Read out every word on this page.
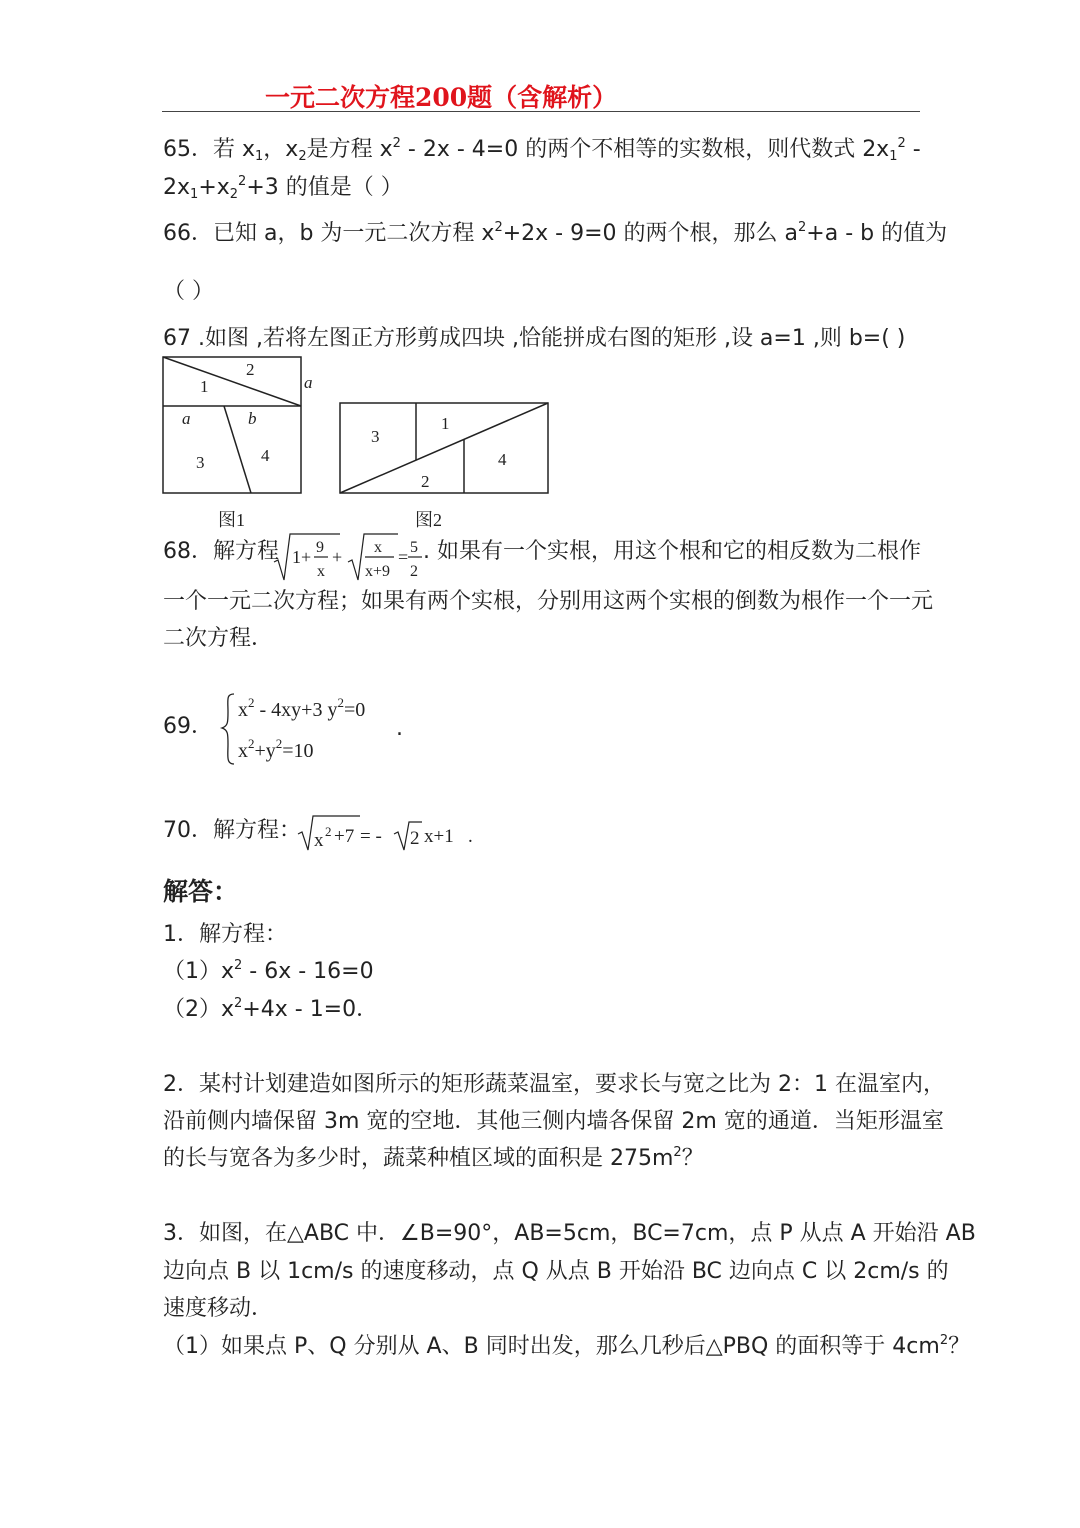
一元二次方程200题（含解析）
65．若 $x_1$，$x_2$是方程 $x^2 - 2x - 4=0$ 的两个不相等的实数根，则代数式 $2x_1^2$ -
$2x_1+x_2^2+3$ 的值是（ ）
66．已知 a，b 为一元二次方程 $x^2+2x - 9=0$ 的两个根，那么 $a^2+a - b$ 的值为
（ ）
67 .如图 ,若将左图正方形剪成四块 ,恰能拼成右图的矩形 ,设 a=1 ,则 b=( )
1
2
a
a	b
3	4
图1
3
1
4
2
图2
68．解方程 1+ 9
x
+ x
x+9
= 5
2
. 如果有一个实根，用这个根和它的相反数为二根作
一个一元二次方程；如果有两个实根，分别用这两个实根的倒数为根作一个一元
二次方程．
69．
$x^2 - 4xy+3$ $y^2=0$
$x^2+y^2=10$
.
70．解方程： x 2 +7 = - 2 x+1 .
解答：
1．解方程：
$(1)x^2 - 6x - 16=0$
$(2)x^2+4x - 1=0$．
2．某村计划建造如图所示的矩形蔬菜温室，要求长与宽之比为 2：1 在温室内，
沿前侧内墙保留 3m 宽的空地．其他三侧内墙各保留 2m 宽的通道．当矩形温室
的长与宽各为多少时，蔬菜种植区域的面积是 $275m^2$？
3．如图，在△ABC 中．∠B=90°，AB=5cm，BC=7cm，点 P 从点 A 开始沿 AB
边向点 B 以 1cm/s 的速度移动，点 Q 从点 B 开始沿 BC 边向点 C 以 2cm/s 的
速度移动．
（1）如果点 P、Q 分别从 A、B 同时出发，那么几秒后△PBQ 的面积等于 $4cm^2$？
